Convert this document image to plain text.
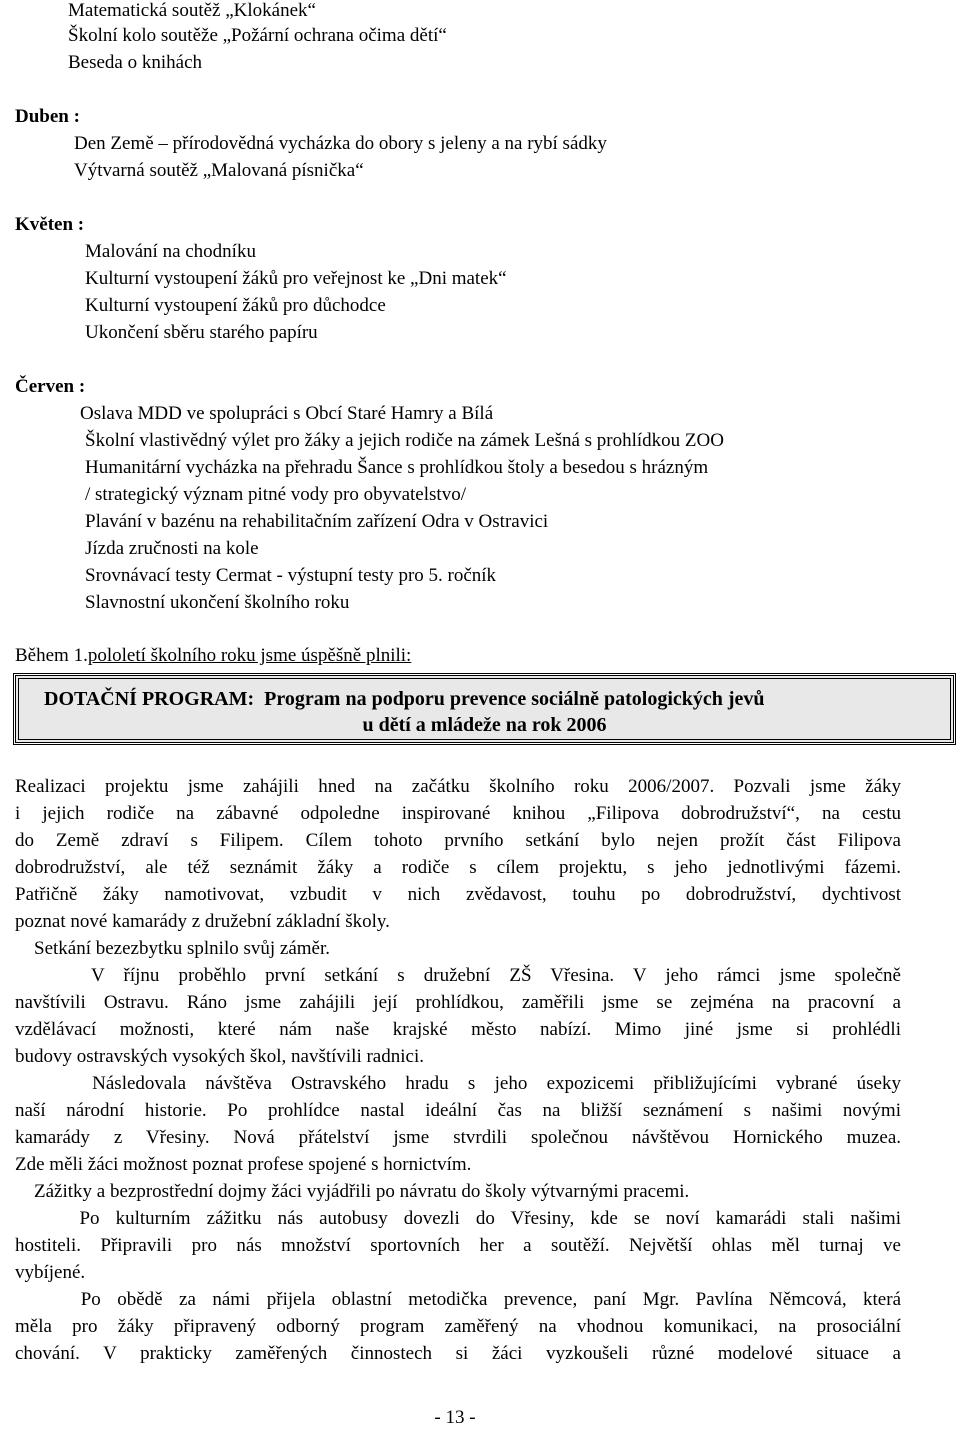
Matematická soutěž „Klokánek“
Školní kolo soutěže „Požární ochrana očima dětí“
Beseda o knihách
Duben :
Den Země – přírodovědná vycházka do obory s jeleny a na rybí sádky
Výtvarná soutěž „Malovaná písnička“
Květen :
Malování na chodníku
Kulturní vystoupení žáků pro veřejnost ke „Dni matek“
Kulturní vystoupení žáků pro důchodce
Ukončení sběru starého papíru
Červen :
Oslava MDD ve spolupráci s Obcí Staré Hamry a Bílá
Školní vlastivědný výlet pro žáky a jejich rodiče na zámek Lešná s prohlídkou ZOO
Humanitární vycházka na přehradu Šance s prohlídkou štoly a besedou s hrázným
/ strategický význam pitné vody pro obyvatelstvo/
Plavání v bazénu na rehabilitačním zařízení Odra v Ostravici
Jízda zručnosti na kole
Srovnávací testy Cermat - výstupní testy pro 5. ročník
Slavnostní ukončení školního roku
Během 1.pololetí školního roku jsme úspěšně plnili:
DOTAČNÍ PROGRAM: Program na podporu prevence sociálně patologických jevů
u dětí a mládeže na rok 2006
Realizaci projektu jsme zahájili hned na začátku školního roku 2006/2007. Pozvali jsme žáky
i jejich rodiče na zábavné odpoledne inspirované knihou „Filipova dobrodružství“, na cestu
do Země zdraví s Filipem. Cílem tohoto prvního setkání bylo nejen prožít část Filipova
dobrodružství, ale též seznámit žáky a rodiče s cílem projektu, s jeho jednotlivými fázemi.
Patřičně žáky namotivovat, vzbudit v nich zvědavost, touhu po dobrodružství, dychtivost
poznat nové kamarády z družební základní školy.
Setkání bezezbytku splnilo svůj záměr.
V říjnu proběhlo první setkání s družební ZŠ Vřesina. V jeho rámci jsme společně
navštívili Ostravu. Ráno jsme zahájili její prohlídkou, zaměřili jsme se zejména na pracovní a
vzdělávací možnosti, které nám naše krajské město nabízí. Mimo jiné jsme si prohlédli
budovy ostravských vysokých škol, navštívili radnici.
Následovala návštěva Ostravského hradu s jeho expozicemi přibližujícími vybrané úseky
naší národní historie. Po prohlídce nastal ideální čas na bližší seznámení s našimi novými
kamarády z Vřesiny. Nová přátelství jsme stvrdili společnou návštěvou Hornického muzea.
Zde měli žáci možnost poznat profese spojené s hornictvím.
Zážitky a bezprostřední dojmy žáci vyjádřili po návratu do školy výtvarnými pracemi.
Po kulturním zážitku nás autobusy dovezli do Vřesiny, kde se noví kamarádi stali našimi
hostiteli. Připravili pro nás množství sportovních her a soutěží. Největší ohlas měl turnaj ve
vybíjené.
Po obědě za námi přijela oblastní metodička prevence, paní Mgr. Pavlína Němcová, která
měla pro žáky připravený odborný program zaměřený na vhodnou komunikaci, na prosociální
chování. V prakticky zaměřených činnostech si žáci vyzkoušeli různé modelové situace a
- 13 -
